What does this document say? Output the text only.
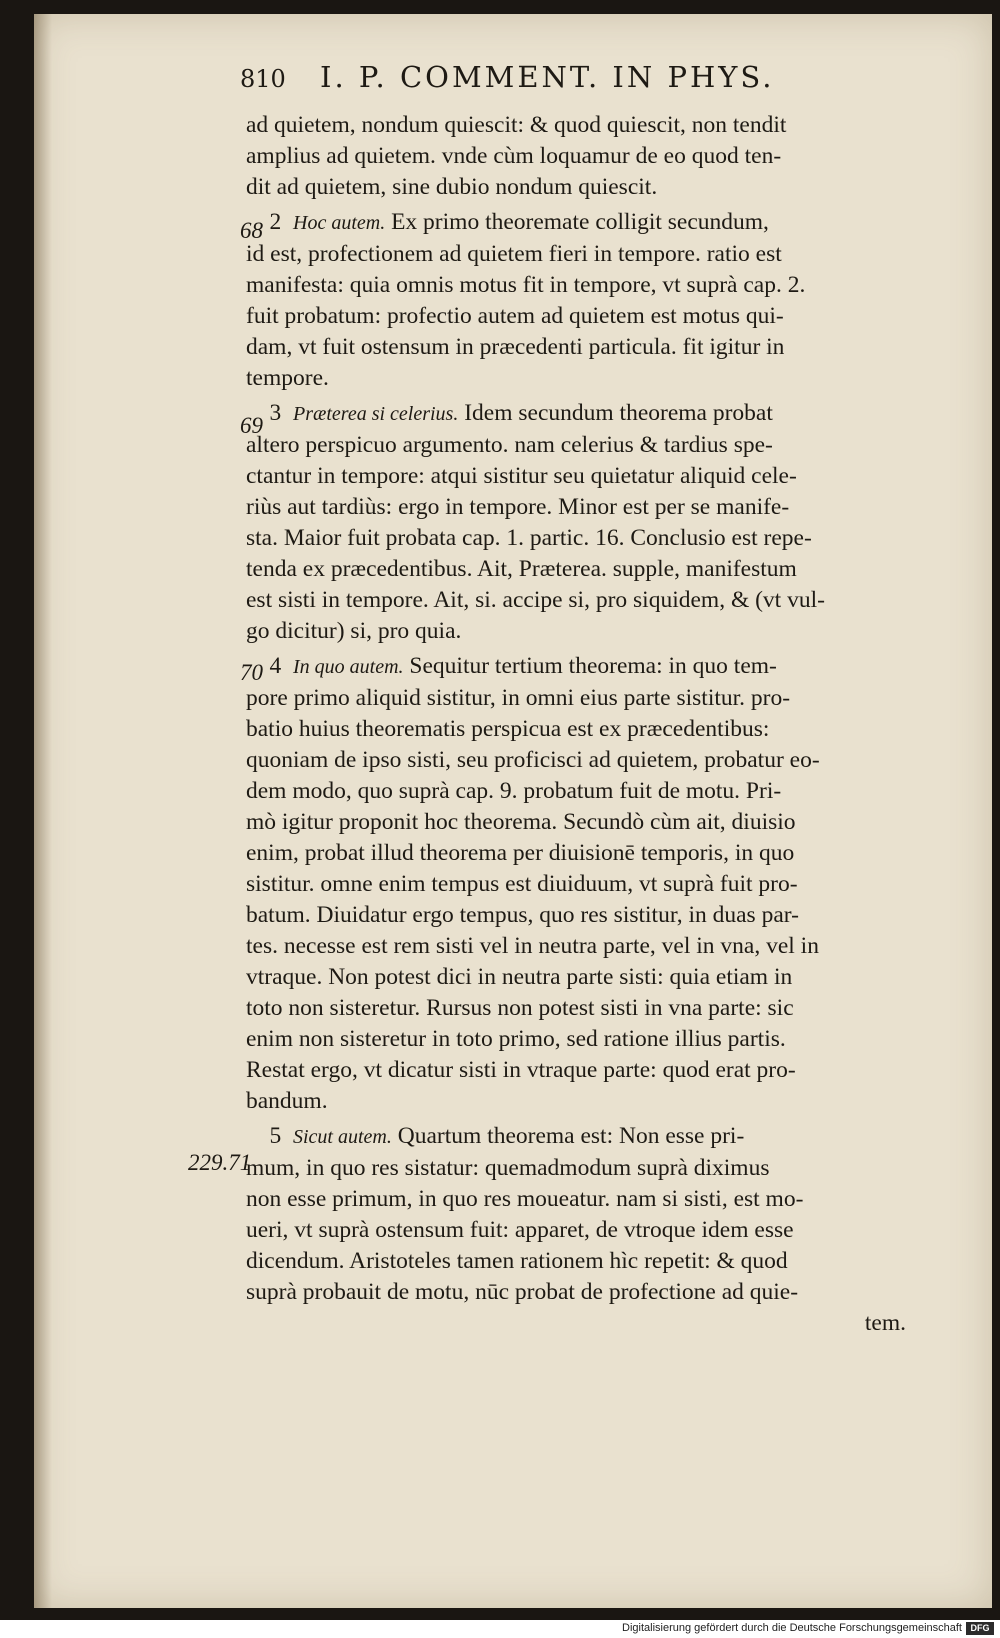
810 I. P. COMMENT. IN PHYS.
68
69
70
229.71

ad quietem, nondum quiescit: & quod quiescit, non tendit
amplius ad quietem. vnde cùm loquamur de eo quod ten-
dit ad quietem, sine dubio nondum quiescit.

 2  Hoc autem. Ex primo theoremate colligit secundum,
id est, profectionem ad quietem fieri in tempore. ratio est
manifesta: quia omnis motus fit in tempore, vt suprà cap. 2.
fuit probatum: profectio autem ad quietem est motus qui-
dam, vt fuit ostensum in præcedenti particula. fit igitur in
tempore.

 3  Præterea si celerius. Idem secundum theorema probat
altero perspicuo argumento. nam celerius & tardius spe-
ctantur in tempore: atqui sistitur seu quietatur aliquid cele-
riùs aut tardiùs: ergo in tempore. Minor est per se manife-
sta. Maior fuit probata cap. 1. partic. 16. Conclusio est repe-
tenda ex præcedentibus. Ait, Præterea. supple, manifestum
est sisti in tempore. Ait, si. accipe si, pro siquidem, & (vt vul-
go dicitur) si, pro quia.

 4  In quo autem. Sequitur tertium theorema: in quo tem-
pore primo aliquid sistitur, in omni eius parte sistitur. pro-
batio huius theorematis perspicua est ex præcedentibus:
quoniam de ipso sisti, seu proficisci ad quietem, probatur eo-
dem modo, quo suprà cap. 9. probatum fuit de motu. Pri-
mò igitur proponit hoc theorema. Secundò cùm ait, diuisio
enim, probat illud theorema per diuisionē temporis, in quo
sistitur. omne enim tempus est diuiduum, vt suprà fuit pro-
batum. Diuidatur ergo tempus, quo res sistitur, in duas par-
tes. necesse est rem sisti vel in neutra parte, vel in vna, vel in
vtraque. Non potest dici in neutra parte sisti: quia etiam in
toto non sisteretur. Rursus non potest sisti in vna parte: sic
enim non sisteretur in toto primo, sed ratione illius partis.
Restat ergo, vt dicatur sisti in vtraque parte: quod erat pro-
bandum.

 5  Sicut autem. Quartum theorema est: Non esse pri-
mum, in quo res sistatur: quemadmodum suprà diximus
non esse primum, in quo res moueatur. nam si sisti, est mo-
ueri, vt suprà ostensum fuit: apparet, de vtroque idem esse
dicendum. Aristoteles tamen rationem hìc repetit: & quod
suprà probauit de motu, nūc probat de profectione ad quie-
tem.

Digitalisierung gefördert durch die Deutsche Forschungsgemeinschaft DFG
